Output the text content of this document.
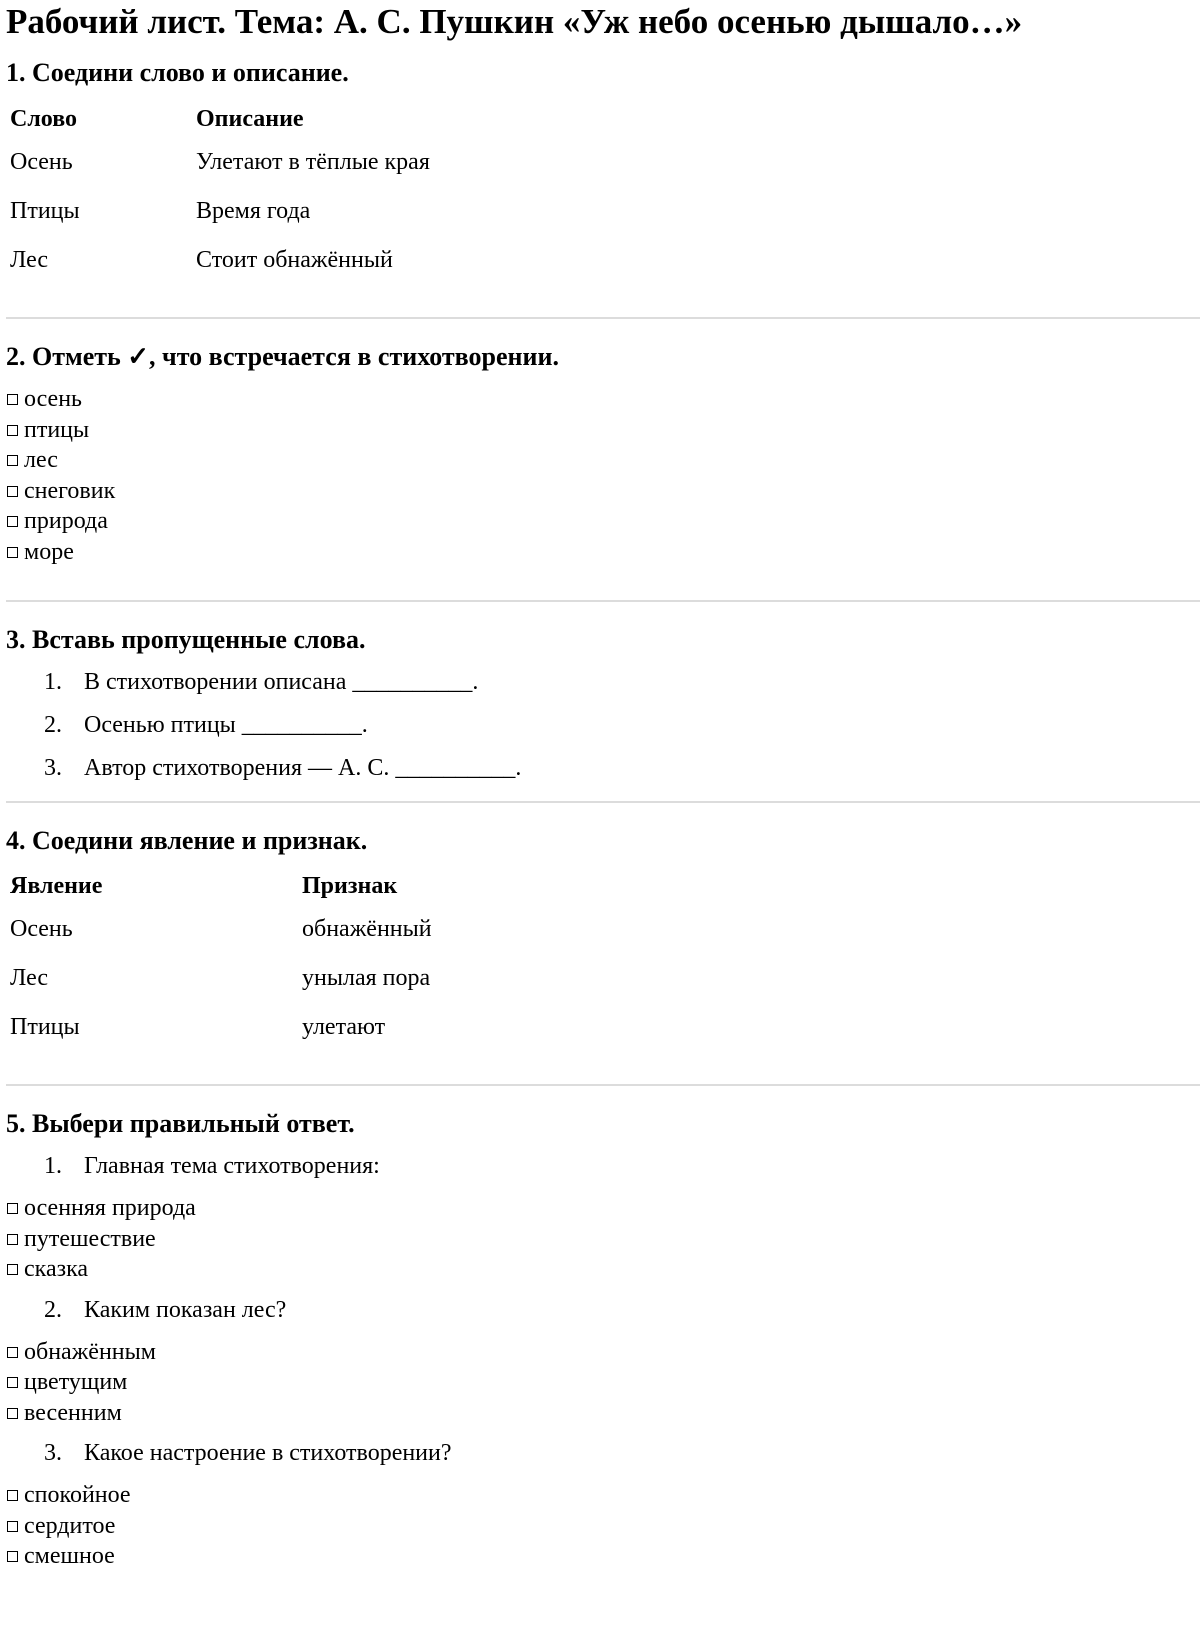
Рабочий лист. Тема: А. С. Пушкин «Уж небо осенью дышало…»
1. Соедини слово и описание.
Слово	Описание
Осень	Улетают в тёплые края
Птицы	Время года
Лес	Стоит обнажённый
2. Отметь ✓, что встречается в стихотворении.
осень
птицы
лес
снеговик
природа
море
3. Вставь пропущенные слова.
1. В стихотворении описана __________.
2. Осенью птицы __________.
3. Автор стихотворения — А. С. __________.
4. Соедини явление и признак.
Явление	Признак
Осень	обнажённый
Лес	унылая пора
Птицы	улетают
5. Выбери правильный ответ.
1. Главная тема стихотворения:
осенняя природа
путешествие
сказка
2. Каким показан лес?
обнажённым
цветущим
весенним
3. Какое настроение в стихотворении?
спокойное
сердитое
смешное
